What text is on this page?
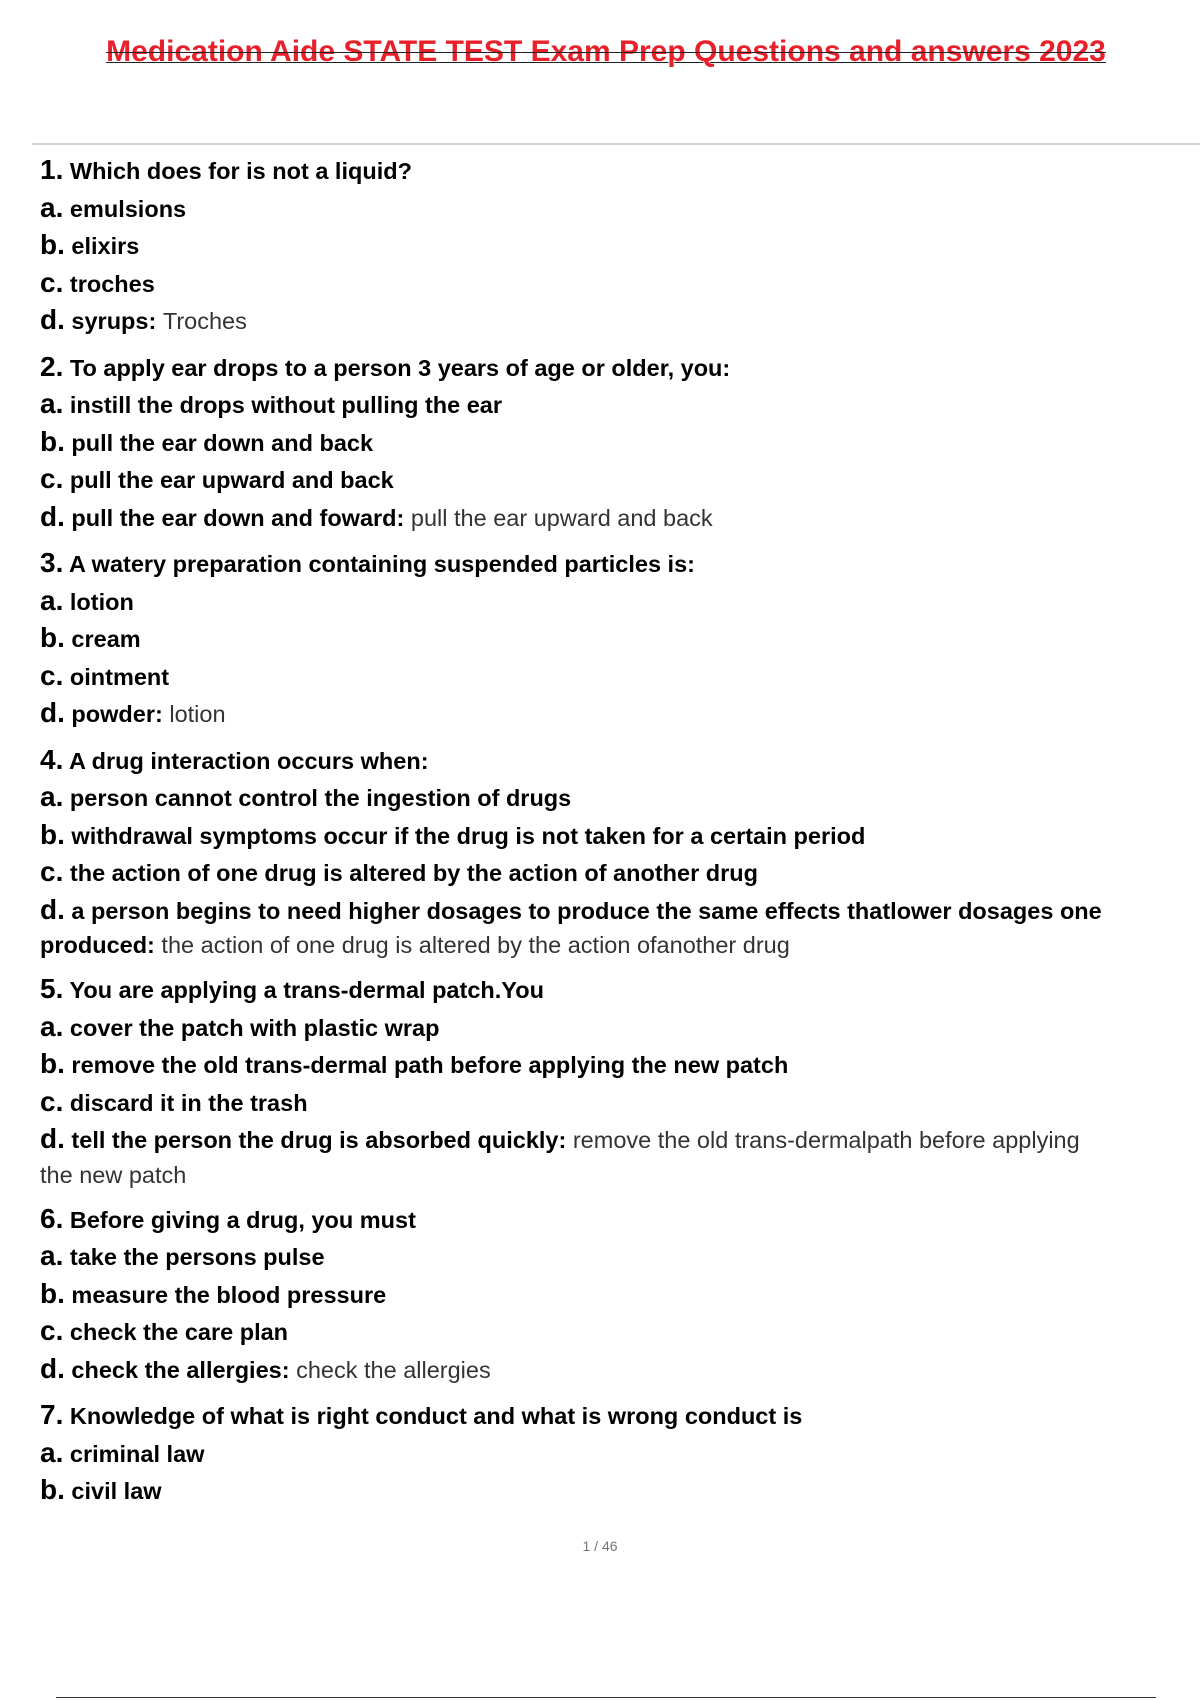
Medication Aide STATE TEST Exam Prep Questions and answers 2023
1. Which does for is not a liquid?
a. emulsions
b. elixirs
c. troches
d. syrups: Troches
2. To apply ear drops to a person 3 years of age or older, you:
a. instill the drops without pulling the ear
b. pull the ear down and back
c. pull the ear upward and back
d. pull the ear down and foward: pull the ear upward and back
3. A watery preparation containing suspended particles is:
a. lotion
b. cream
c. ointment
d. powder: lotion
4. A drug interaction occurs when:
a. person cannot control the ingestion of drugs
b. withdrawal symptoms occur if the drug is not taken for a certain period
c. the action of one drug is altered by the action of another drug
d. a person begins to need higher dosages to produce the same effects thatlower dosages one
produced: the action of one drug is altered by the action ofanother drug
5. You are applying a trans-dermal patch.You
a. cover the patch with plastic wrap
b. remove the old trans-dermal path before applying the new patch
c. discard it in the trash
d. tell the person the drug is absorbed quickly: remove the old trans-dermalpath before applying
the new patch
6. Before giving a drug, you must
a. take the persons pulse
b. measure the blood pressure
c. check the care plan
d. check the allergies: check the allergies
7. Knowledge of what is right conduct and what is wrong conduct is
a. criminal law
b. civil law
1 / 46
